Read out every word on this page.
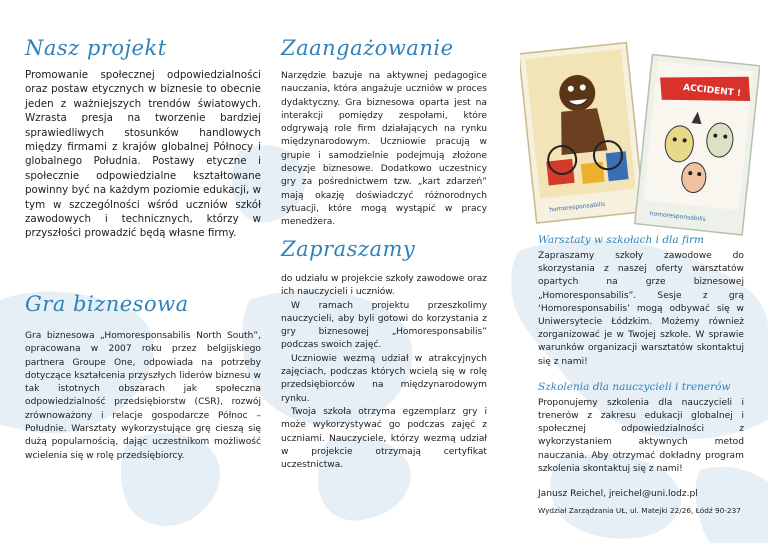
Nasz projekt

Promowanie społecznej odpowiedzialności oraz postaw etycznych w biznesie to obecnie jeden z ważniejszych trendów światowych. Wzrasta presja na tworzenie bardziej sprawiedliwych stosunków handlowych między firmami z krajów globalnej Północy i globalnego Południa. Postawy etyczne i społecznie odpowiedzialne kształtowane powinny być na każdym poziomie edukacji, w tym w szczególności wśród uczniów szkół zawodowych i technicznych, którzy w przyszłości prowadzić będą własne firmy.

Gra biznesowa

Gra biznesowa „Homoresponsabilis North South”, opracowana w 2007 roku przez belgijskiego partnera Groupe One, odpowiada na potrzeby dotyczące kształcenia przyszłych liderów biznesu w tak istotnych obszarach jak społeczna odpowiedzialność przedsiębiorstw (CSR), rozwój zrównoważony i relacje gospodarcze Północ – Południe. Warsztaty wykorzystujące grę cieszą się dużą popularnością, dając uczestnikom możliwość wcielenia się w rolę przedsiębiorcy.

Zaangażowanie

Narzędzie bazuje na aktywnej pedagogice nauczania, która angażuje uczniów w proces dydaktyczny. Gra biznesowa oparta jest na interakcji pomiędzy zespołami, które odgrywają role firm działających na rynku międzynarodowym. Uczniowie pracują w grupie i samodzielnie podejmują złożone decyzje biznesowe. Dodatkowo uczestnicy gry za pośrednictwem tzw. „kart zdarzeń” mają okazję doświadczyć różnorodnych sytuacji, które mogą wystąpić w pracy menedżera.

Zapraszamy

do udziału w projekcie szkoły zawodowe oraz ich nauczycieli i uczniów.

W ramach projektu przeszkolimy nauczycieli, aby byli gotowi do korzystania z gry biznesowej „Homoresponsabilis” podczas swoich zajęć.

Uczniowie wezmą udział w atrakcyjnych zajęciach, podczas których wcielą się w rolę przedsiębiorców na międzynarodowym rynku.

Twoja szkoła otrzyma egzemplarz gry i może wykorzystywać go podczas zajęć z uczniami. Nauczyciele, którzy wezmą udział w projekcie otrzymają certyfikat uczestnictwa.

homoresponsabilis
ACCIDENT !
homoresponsabilis
Warsztaty w szkołach i dla firm

Zapraszamy szkoły zawodowe do skorzystania z naszej oferty warsztatów opartych na grze biznesowej „Homoresponsabilis”. Sesje z grą ‘Homoresponsabilis’ mogą odbywać się w Uniwersytecie Łódzkim. Możemy również zorganizować je w Twojej szkole. W sprawie warunków organizacji warsztatów skontaktuj się z nami!

Szkolenia dla nauczycieli i trenerów

Proponujemy szkolenia dla nauczycieli i trenerów z zakresu edukacji globalnej i społecznej odpowiedzialności z wykorzystaniem aktywnych metod nauczania. Aby otrzymać dokładny program szkolenia skontaktuj się z nami!

Janusz Reichel, jreichel@uni.lodz.pl

Wydział Zarządzania UŁ, ul. Matejki 22/26, Łódź 90-237
